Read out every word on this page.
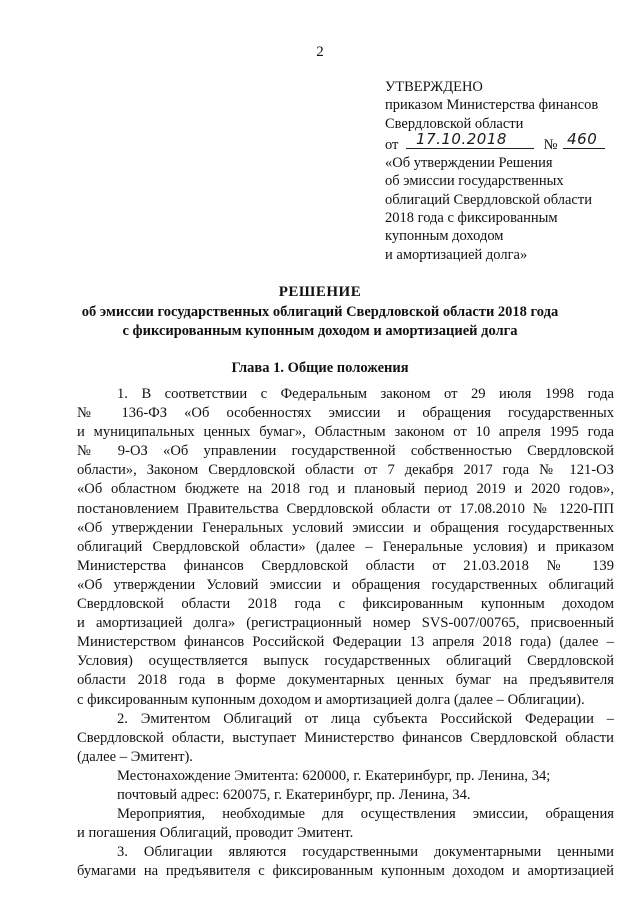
2
УТВЕРЖДЕНО
приказом Министерства финансов
Свердловской области
от 17.10.2018	№ 460
«Об утверждении Решения
об эмиссии государственных
облигаций Свердловской области
2018 года с фиксированным
купонным доходом
и амортизацией долга»
РЕШЕНИЕ
об эмиссии государственных облигаций Свердловской области 2018 года
с фиксированным купонным доходом и амортизацией долга
Глава 1. Общие положения
1. В соответствии с Федеральным законом от 29 июля 1998 года
№ 136-ФЗ «Об особенностях эмиссии и обращения государственных
и муниципальных ценных бумаг», Областным законом от 10 апреля 1995 года
№ 9-ОЗ «Об управлении государственной собственностью Свердловской
области», Законом Свердловской области от 7 декабря 2017 года № 121-ОЗ
«Об областном бюджете на 2018 год и плановый период 2019 и 2020 годов»,
постановлением Правительства Свердловской области от 17.08.2010 № 1220-ПП
«Об утверждении Генеральных условий эмиссии и обращения государственных
облигаций Свердловской области» (далее – Генеральные условия) и приказом
Министерства финансов Свердловской области от 21.03.2018 № 139
«Об утверждении Условий эмиссии и обращения государственных облигаций
Свердловской области 2018 года с фиксированным купонным доходом
и амортизацией долга» (регистрационный номер SVS-007/00765, присвоенный
Министерством финансов Российской Федерации 13 апреля 2018 года) (далее –
Условия) осуществляется выпуск государственных облигаций Свердловской
области 2018 года в форме документарных ценных бумаг на предъявителя
с фиксированным купонным доходом и амортизацией долга (далее – Облигации).
2. Эмитентом Облигаций от лица субъекта Российской Федерации –
Свердловской области, выступает Министерство финансов Свердловской области
(далее – Эмитент).
Местонахождение Эмитента: 620000, г. Екатеринбург, пр. Ленина, 34;
почтовый адрес: 620075, г. Екатеринбург, пр. Ленина, 34.
Мероприятия, необходимые для осуществления эмиссии, обращения
и погашения Облигаций, проводит Эмитент.
3. Облигации являются государственными документарными ценными
бумагами на предъявителя с фиксированным купонным доходом и амортизацией
